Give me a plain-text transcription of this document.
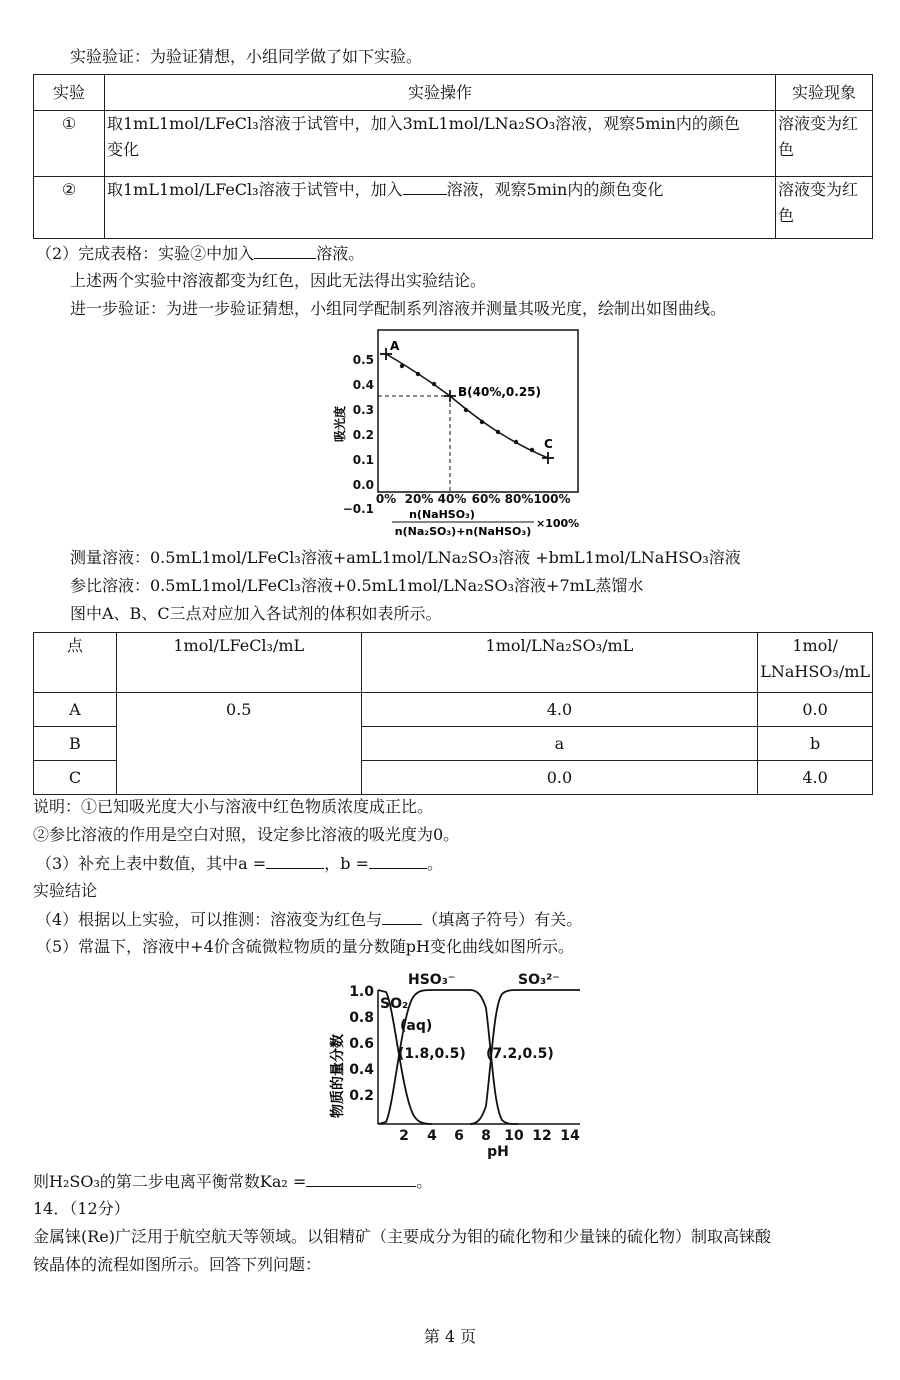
实验验证：为验证猜想，小组同学做了如下实验。
实验	实验操作	实验现象
①	取1mL1mol/LFeCl₃溶液于试管中，加入3mL1mol/LNa₂SO₃溶液，观察5min内的颜色
变化	溶液变为红
色
②	取1mL1mol/LFeCl₃溶液于试管中，加入 溶液，观察5min内的颜色变化	溶液变为红
色
（2）完成表格：实验②中加入	溶液。
上述两个实验中溶液都变为红色，因此无法得出实验结论。
进一步验证：为进一步验证猜想，小组同学配制系列溶液并测量其吸光度，绘制出如图曲线。
0.5
0.4
0.3
0.2
0.1
0.0
−0.1
0% 20% 40% 60% 80% 100%
吸光度
A
B(40%,0.25)
C
n(NaHSO₃)
n(Na₂SO₃)+n(NaHSO₃)
×100%
测量溶液：0.5mL1mol/LFeCl₃溶液+amL1mol/LNa₂SO₃溶液 +bmL1mol/LNaHSO₃溶液
参比溶液：0.5mL1mol/LFeCl₃溶液+0.5mL1mol/LNa₂SO₃溶液+7mL蒸馏水
图中A、B、C三点对应加入各试剂的体积如表所示。
点	1mol/LFeCl₃/mL	1mol/LNa₂SO₃/mL	1mol/
LNaHSO₃/mL
A	0.5	4.0	0.0
B		a	b
C		0.0	4.0
说明：①已知吸光度大小与溶液中红色物质浓度成正比。
②参比溶液的作用是空白对照，设定参比溶液的吸光度为0。
（3）补充上表中数值，其中a =	，b =	。
实验结论
（4）根据以上实验，可以推测：溶液变为红色与	（填离子符号）有关。
（5）常温下，溶液中+4价含硫微粒物质的量分数随pH变化曲线如图所示。
1.0
0.8
0.6
0.4
0.2
2 4 6 8 10 12 14
pH
物质的量分数
SO₂
HSO₃⁻	SO₃²⁻
(aq)
(1.8,0.5) (7.2,0.5)
则H₂SO₃的第二步电离平衡常数Ka₂ =	。
14．（12分）
金属铼(Re)广泛用于航空航天等领域。以钼精矿（主要成分为钼的硫化物和少量铼的硫化物）制取高铼酸
铵晶体的流程如图所示。回答下列问题：
第 4 页
